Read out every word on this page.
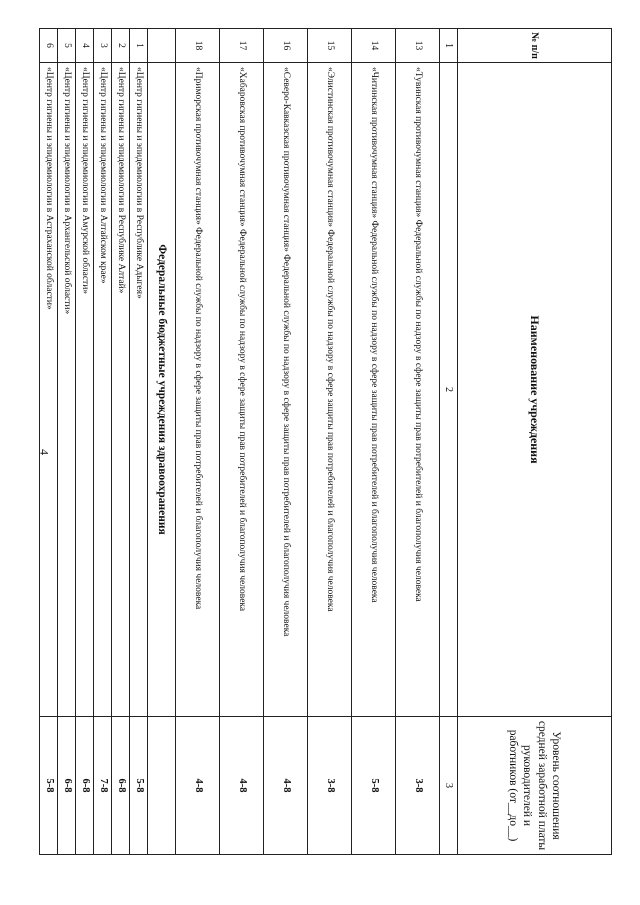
4
№ п/п	Наименование учреждения	Уровень соотношения средней заработной платы руководителей и работников (от__до__)
1	2	3
13	«Тувинская противочумная станция» Федеральной службы по надзору в сфере защиты прав потребителей и благополучия человека	3-8
14	«Читинская противочумная станция» Федеральной службы по надзору в сфере защиты прав потребителей и благополучия человека	5-8
15	«Элистинская противочумная станция» Федеральной службы по надзору в сфере защиты прав потребителей и благополучия человека	3-8
16	«Северо-Кавказская противочумная станция» Федеральной службы по надзору в сфере защиты прав потребителей и благополучия человека	4-8
17	«Хабаровская противочумная станция» Федеральной службы по надзору в сфере защиты прав потребителей и благополучия человека	4-8
18	«Приморская противочумная станция» Федеральной службы по надзору в сфере защиты прав потребителей и благополучия человека	4-8
	Федеральные бюджетные учреждения здравоохранения	
1	«Центр гигиены и эпидемиологии в Республике Адыгея»	5-8
2	«Центр гигиены и эпидемиологии в Республике Алтай»	6-8
3	«Центр гигиены и эпидемиологии в Алтайском крае»	7-8
4	«Центр гигиены и эпидемиологии в Амурской области»	6-8
5	«Центр гигиены и эпидемиологии в Архангельской области»	6-8
6	«Центр гигиены и эпидемиологии в Астраханской области»	5-8
